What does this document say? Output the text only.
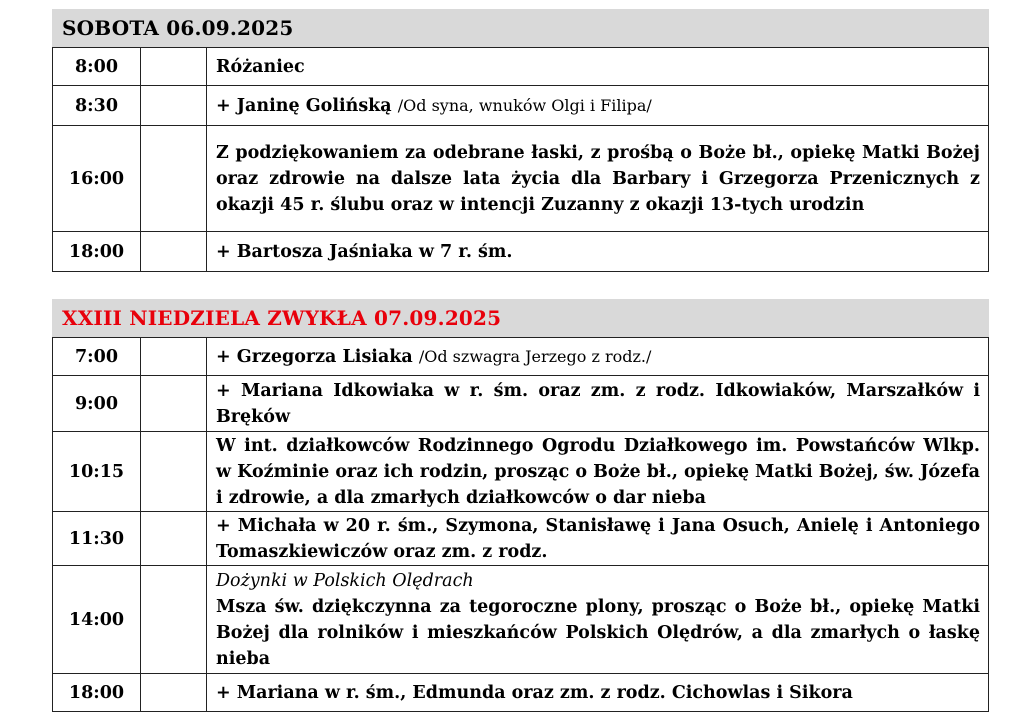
SOBOTA 06.09.2025
8:00		Różaniec
8:30		+ Janinę Golińską /Od syna, wnuków Olgi i Filipa/
16:00		Z podziękowaniem za odebrane łaski, z prośbą o Boże bł., opiekę Matki Bożej oraz zdrowie na dalsze lata życia dla Barbary i Grzegorza Przenicznych z okazji 45 r. ślubu oraz w intencji Zuzanny z okazji 13-tych urodzin
18:00		+ Bartosza Jaśniaka w 7 r. śm.
XXIII NIEDZIELA ZWYKŁA 07.09.2025
7:00		+ Grzegorza Lisiaka /Od szwagra Jerzego z rodz./
9:00		+ Mariana Idkowiaka w r. śm. oraz zm. z rodz. Idkowiaków, Marszałków i Bręków
10:15		W int. działkowców Rodzinnego Ogrodu Działkowego im. Powstańców Wlkp. w Koźminie oraz ich rodzin, prosząc o Boże bł., opiekę Matki Bożej, św. Józefa i zdrowie, a dla zmarłych działkowców o dar nieba
11:30		+ Michała w 20 r. śm., Szymona, Stanisławę i Jana Osuch, Anielę i Antoniego Tomaszkiewiczów oraz zm. z rodz.
14:00		Dożynki w Polskich Olędrach
Msza św. dziękczynna za tegoroczne plony, prosząc o Boże bł., opiekę Matki Bożej dla rolników i mieszkańców Polskich Olędrów, a dla zmarłych o łaskę nieba

18:00		+ Mariana w r. śm., Edmunda oraz zm. z rodz. Cichowlas i Sikora
